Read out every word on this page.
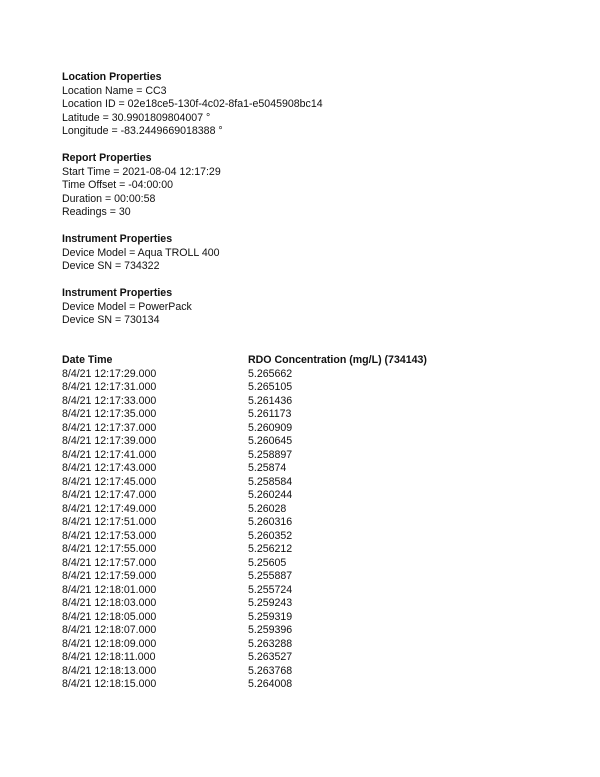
Location Properties
Location Name = CC3
Location ID = 02e18ce5-130f-4c02-8fa1-e5045908bc14
Latitude = 30.9901809804007 °
Longitude = -83.2449669018388 °
Report Properties
Start Time = 2021-08-04 12:17:29
Time Offset = -04:00:00
Duration = 00:00:58
Readings = 30
Instrument Properties
Device Model = Aqua TROLL 400
Device SN = 734322
Instrument Properties
Device Model = PowerPack
Device SN = 730134
Date Time	RDO Concentration (mg/L) (734143)
8/4/21 12:17:29.000	5.265662
8/4/21 12:17:31.000	5.265105
8/4/21 12:17:33.000	5.261436
8/4/21 12:17:35.000	5.261173
8/4/21 12:17:37.000	5.260909
8/4/21 12:17:39.000	5.260645
8/4/21 12:17:41.000	5.258897
8/4/21 12:17:43.000	5.25874
8/4/21 12:17:45.000	5.258584
8/4/21 12:17:47.000	5.260244
8/4/21 12:17:49.000	5.26028
8/4/21 12:17:51.000	5.260316
8/4/21 12:17:53.000	5.260352
8/4/21 12:17:55.000	5.256212
8/4/21 12:17:57.000	5.25605
8/4/21 12:17:59.000	5.255887
8/4/21 12:18:01.000	5.255724
8/4/21 12:18:03.000	5.259243
8/4/21 12:18:05.000	5.259319
8/4/21 12:18:07.000	5.259396
8/4/21 12:18:09.000	5.263288
8/4/21 12:18:11.000	5.263527
8/4/21 12:18:13.000	5.263768
8/4/21 12:18:15.000	5.264008
